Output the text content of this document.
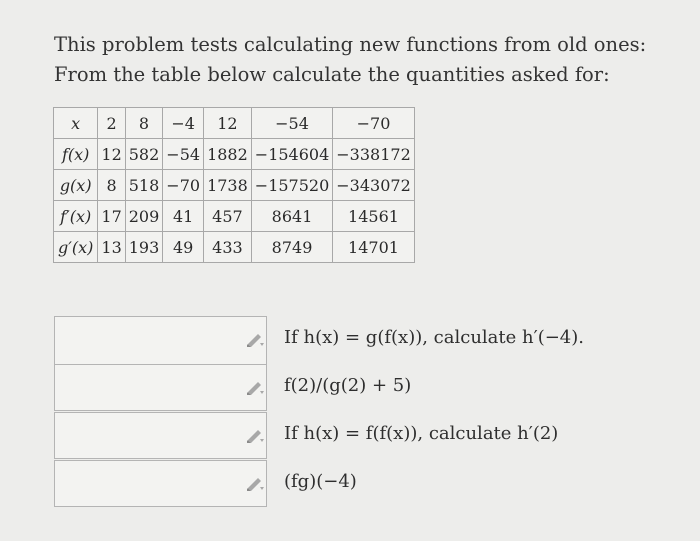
This problem tests calculating new functions from old ones:
From the table below calculate the quantities asked for:
x	2	8	−4	12	−54	−70
f(x)	12	582	−54	1882	−154604	−338172
g(x)	8	518	−70	1738	−157520	−343072
f′(x)	17	209	41	457	8641	14561
g′(x)	13	193	49	433	8749	14701
If h(x) = g(f(x)), calculate h′(−4).
f(2)/(g(2) + 5)
If h(x) = f(f(x)), calculate h′(2)
(fg)(−4)
